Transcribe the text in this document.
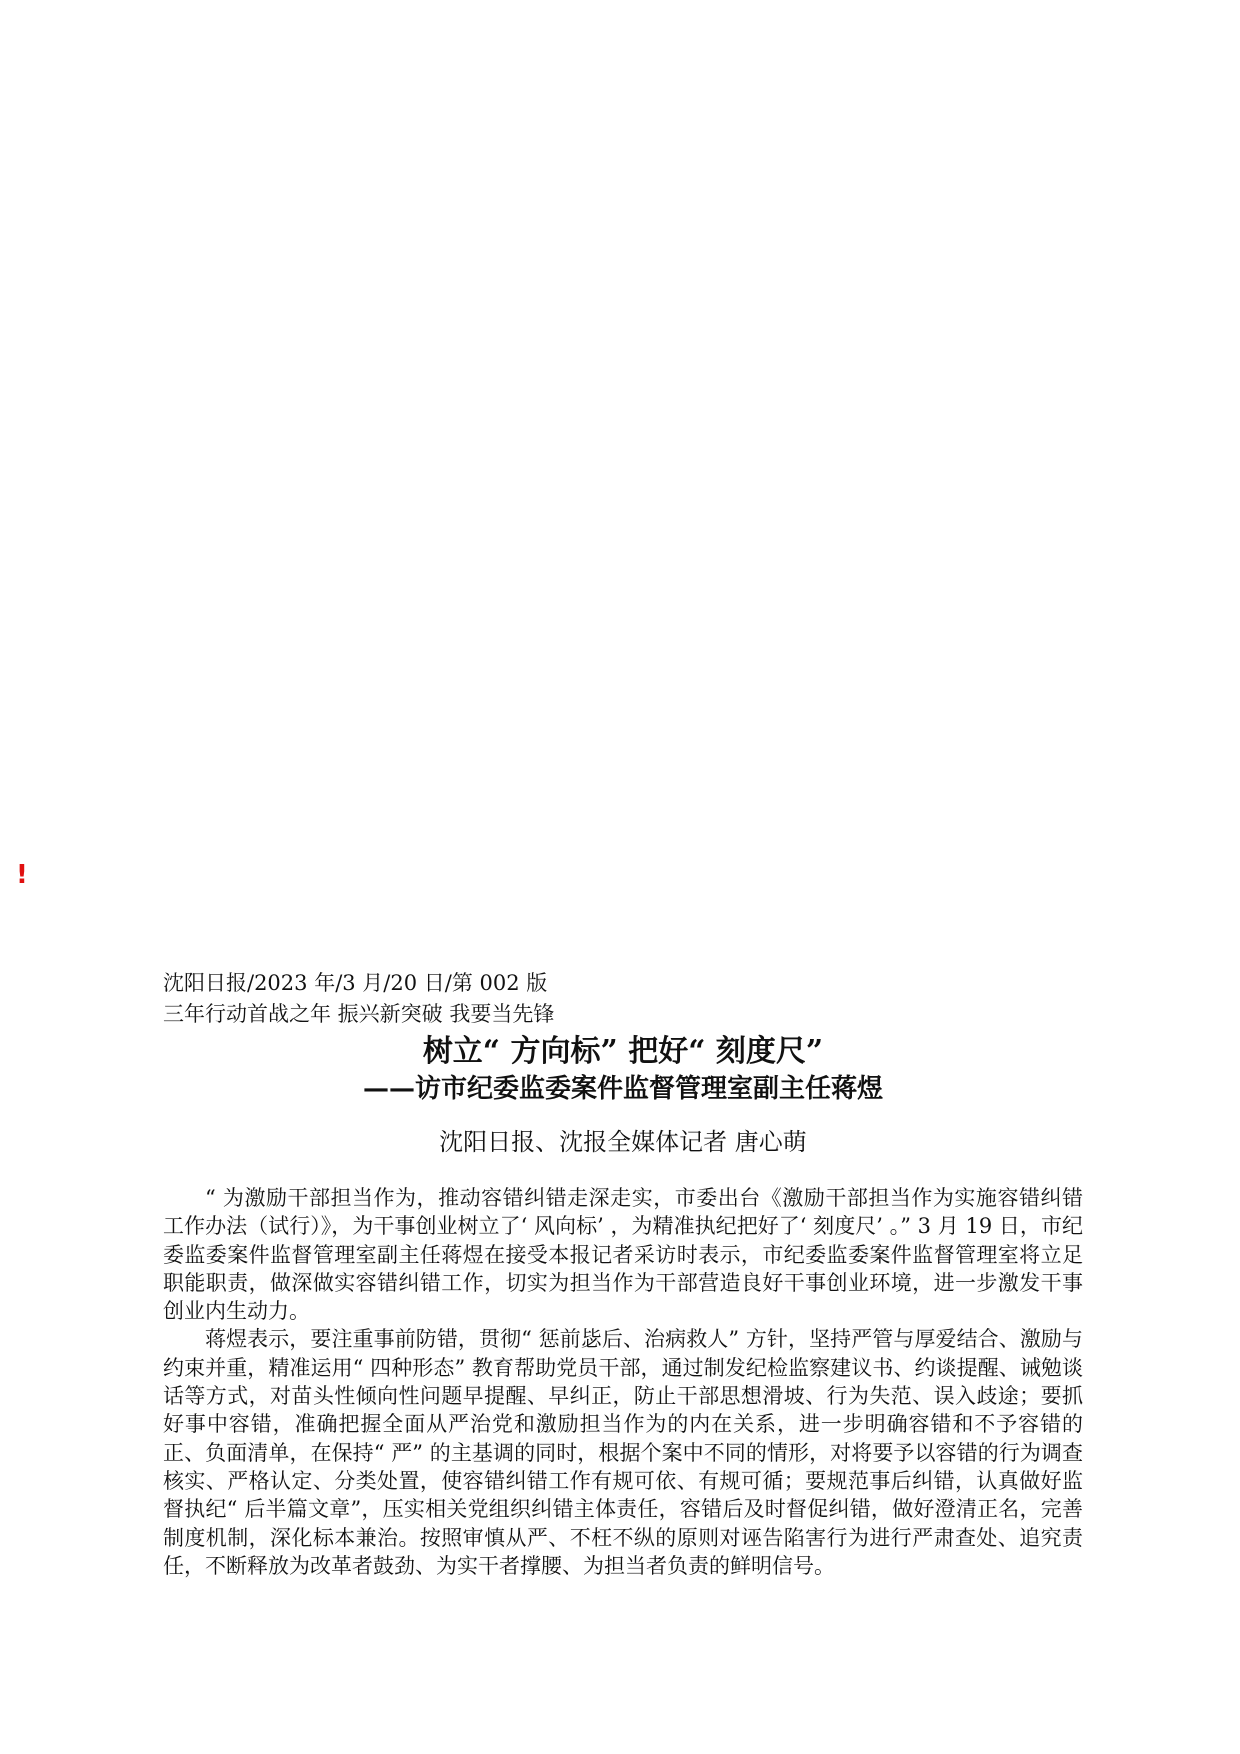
!
沈阳日报/2023 年/3 月/20 日/第 002 版
三年行动首战之年 振兴新突破 我要当先锋
树立“ 方向标” 把好“ 刻度尺”
——访市纪委监委案件监督管理室副主任蒋煜
沈阳日报、沈报全媒体记者 唐心萌

“ 为激励干部担当作为，推动容错纠错走深走实，市委出台《激励干部担当作为实施容错纠错工作办法（试行）》，为干事创业树立了‘ 风向标’ ，为精准执纪把好了‘ 刻度尺’ 。” 3 月 19 日，市纪委监委案件监督管理室副主任蒋煜在接受本报记者采访时表示，市纪委监委案件监督管理室将立足职能职责，做深做实容错纠错工作，切实为担当作为干部营造良好干事创业环境，进一步激发干事创业内生动力。

蒋煜表示，要注重事前防错，贯彻“ 惩前毖后、治病救人” 方针，坚持严管与厚爱结合、激励与约束并重，精准运用“ 四种形态” 教育帮助党员干部，通过制发纪检监察建议书、约谈提醒、诫勉谈话等方式，对苗头性倾向性问题早提醒、早纠正，防止干部思想滑坡、行为失范、误入歧途；要抓好事中容错，准确把握全面从严治党和激励担当作为的内在关系，进一步明确容错和不予容错的正、负面清单，在保持“ 严” 的主基调的同时，根据个案中不同的情形，对将要予以容错的行为调查核实、严格认定、分类处置，使容错纠错工作有规可依、有规可循；要规范事后纠错，认真做好监督执纪“ 后半篇文章”，压实相关党组织纠错主体责任，容错后及时督促纠错，做好澄清正名，完善制度机制，深化标本兼治。按照审慎从严、不枉不纵的原则对诬告陷害行为进行严肃查处、追究责任，不断释放为改革者鼓劲、为实干者撑腰、为担当者负责的鲜明信号。
